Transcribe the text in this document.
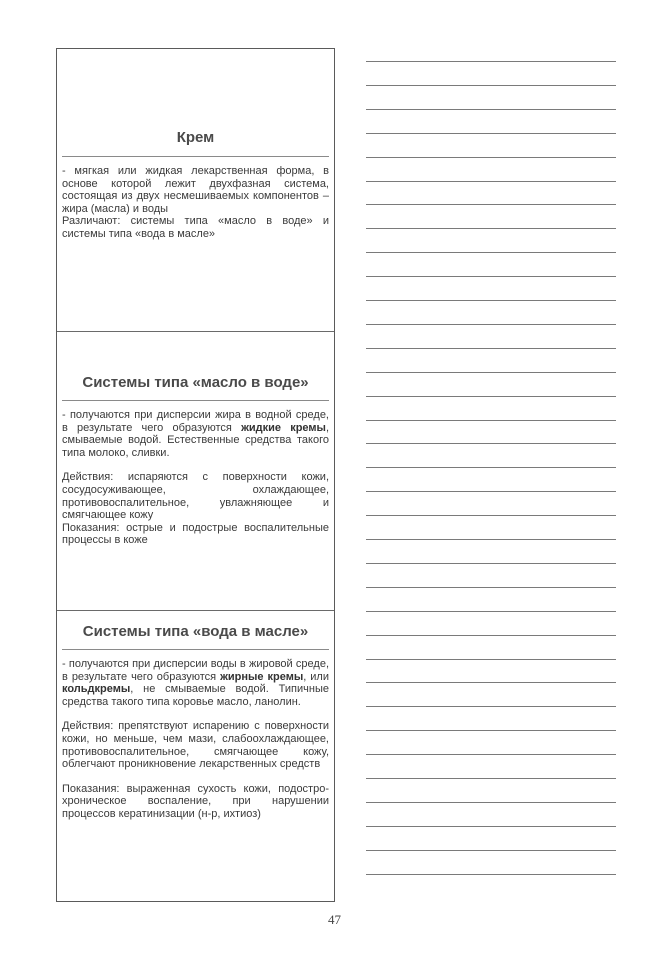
Крем

- мягкая или жидкая лекарственная форма, в основе которой лежит двухфазная система, состоящая из двух несмешиваемых компонентов – жира (масла) и воды

Различают: системы типа «масло в воде» и системы типа «вода в масле»

Системы типа «масло в воде»

- получаются при дисперсии жира в водной среде, в результате чего образуются жидкие кремы, смываемые водой. Естественные средства такого типа молоко, сливки.

Действия: испаряются с поверхности кожи, сосудосуживающее, охлаждающее, противовоспалительное, увлажняющее и смягчающее кожу

Показания: острые и подострые воспалительные процессы в коже

Системы типа «вода в масле»

- получаются при дисперсии воды в жировой среде, в результате чего образуются жирные кремы, или кольдкремы, не смываемые водой. Типичные средства такого типа коровье масло, ланолин.

Действия: препятствуют испарению с поверхности кожи, но меньше, чем мази, слабоохлаждающее, противовоспалительное, смягчающее кожу, облегчают проникновение лекарственных средств

Показания: выраженная сухость кожи, подостро-хроническое воспаление, при нарушении процессов кератинизации (н-р, ихтиоз)

47
